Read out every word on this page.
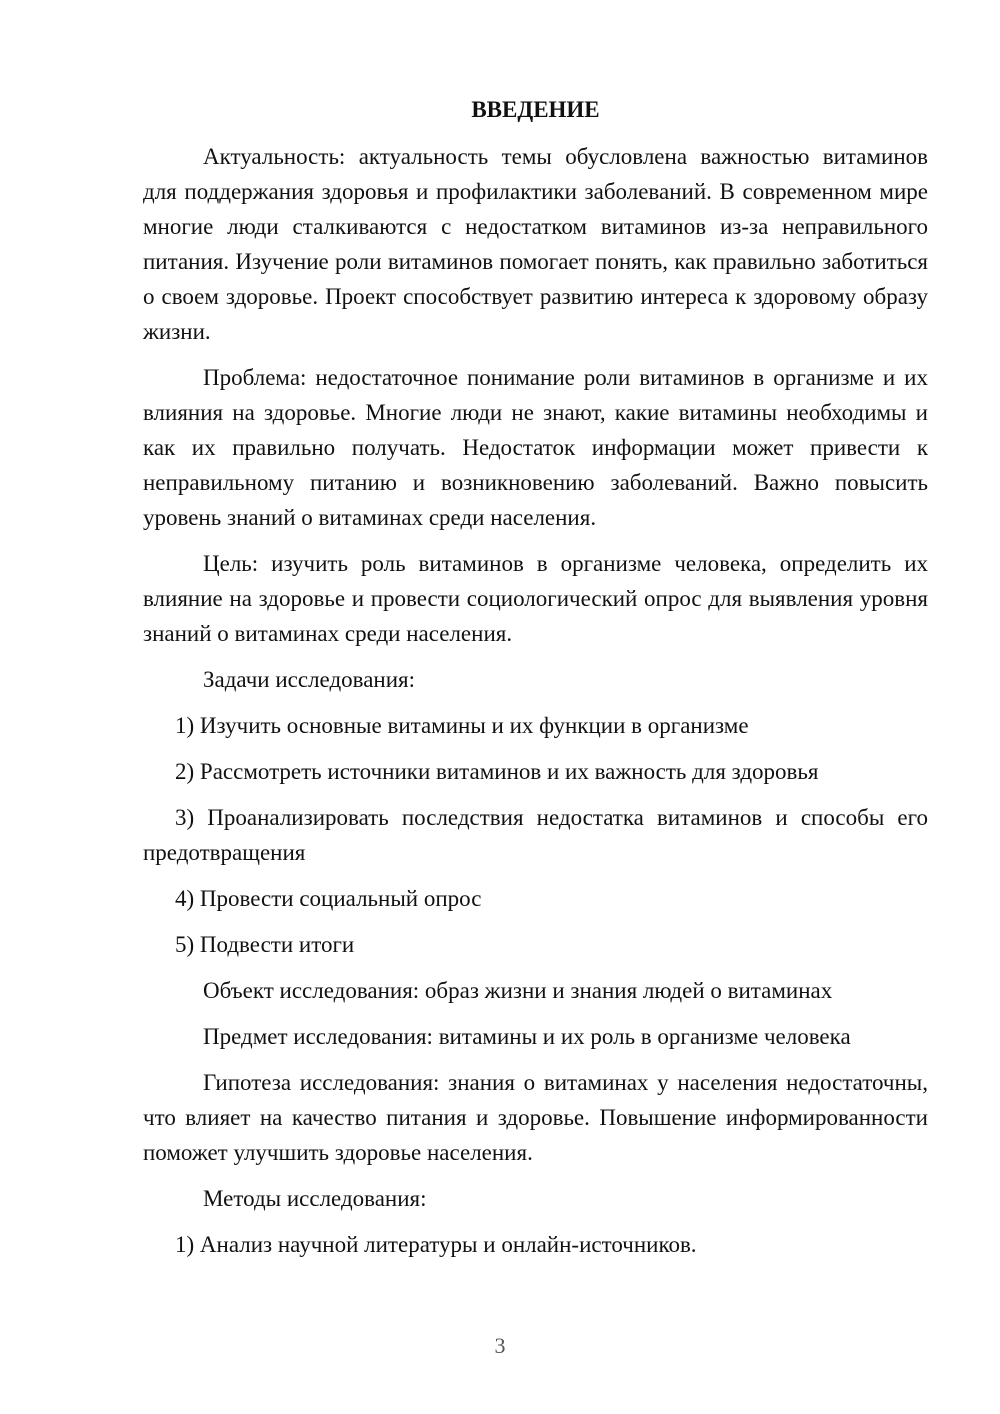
ВВЕДЕНИЕ

Актуальность: актуальность темы обусловлена важностью витаминов для поддержания здоровья и профилактики заболеваний. В современном мире многие люди сталкиваются с недостатком витаминов из-за неправильного питания. Изучение роли витаминов помогает понять, как правильно заботиться о своем здоровье. Проект способствует развитию интереса к здоровому образу жизни.

Проблема: недостаточное понимание роли витаминов в организме и их влияния на здоровье. Многие люди не знают, какие витамины необходимы и как их правильно получать. Недостаток информации может привести к неправильному питанию и возникновению заболеваний. Важно повысить уровень знаний о витаминах среди населения.

Цель: изучить роль витаминов в организме человека, определить их влияние на здоровье и провести социологический опрос для выявления уровня знаний о витаминах среди населения.

Задачи исследования:

1) Изучить основные витамины и их функции в организме

2) Рассмотреть источники витаминов и их важность для здоровья

3) Проанализировать последствия недостатка витаминов и способы его предотвращения

4) Провести социальный опрос

5) Подвести итоги

Объект исследования: образ жизни и знания людей о витаминах

Предмет исследования: витамины и их роль в организме человека

Гипотеза исследования: знания о витаминах у населения недостаточны, что влияет на качество питания и здоровье. Повышение информированности поможет улучшить здоровье населения.

Методы исследования:

1) Анализ научной литературы и онлайн-источников.

3
